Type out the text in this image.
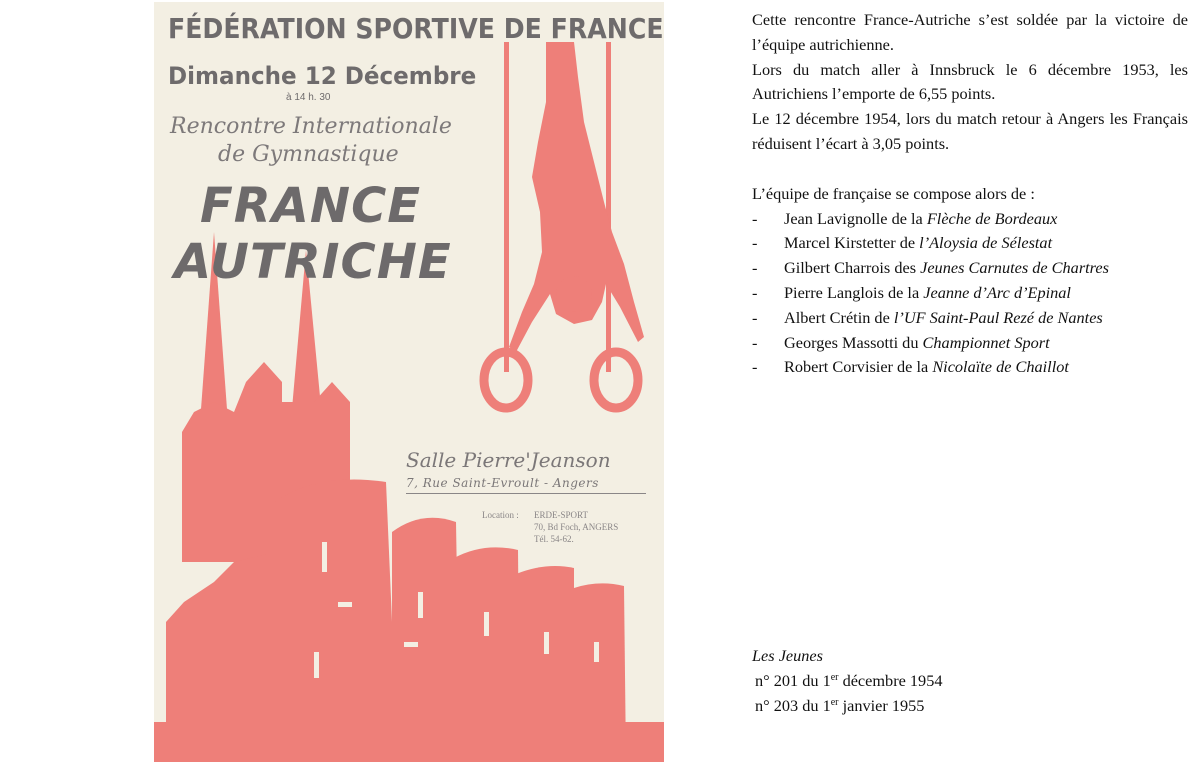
FÉDÉRATION SPORTIVE DE FRANCE
Dimanche 12 Décembre
à 14 h. 30
Rencontre Internationale
de Gymnastique
FRANCE
AUTRICHE
Salle Pierre'Jeanson
7, Rue Saint-Evroult - Angers
Location : ERDE-SPORT
70, Bd Foch, ANGERS
Tél. 54-62.

Cette rencontre France-Autriche s’est soldée par la victoire de l’équipe autrichienne.

Lors du match aller à Innsbruck le 6 décembre 1953, les Autrichiens l’emporte de 6,55 points.

Le 12 décembre 1954, lors du match retour à Angers les Français réduisent l’écart à 3,05 points.

L’équipe de française se compose alors de :

- Jean Lavignolle de la Flèche de Bordeaux
- Marcel Kirstetter de l’Aloysia de Sélestat
- Gilbert Charrois des Jeunes Carnutes de Chartres
- Pierre Langlois de la Jeanne d’Arc d’Epinal
- Albert Crétin de l’UF Saint-Paul Rezé de Nantes
- Georges Massotti du Championnet Sport
- Robert Corvisier de la Nicolaïte de Chaillot
Les Jeunes
n° 201 du 1er décembre 1954
n° 203 du 1er janvier 1955
